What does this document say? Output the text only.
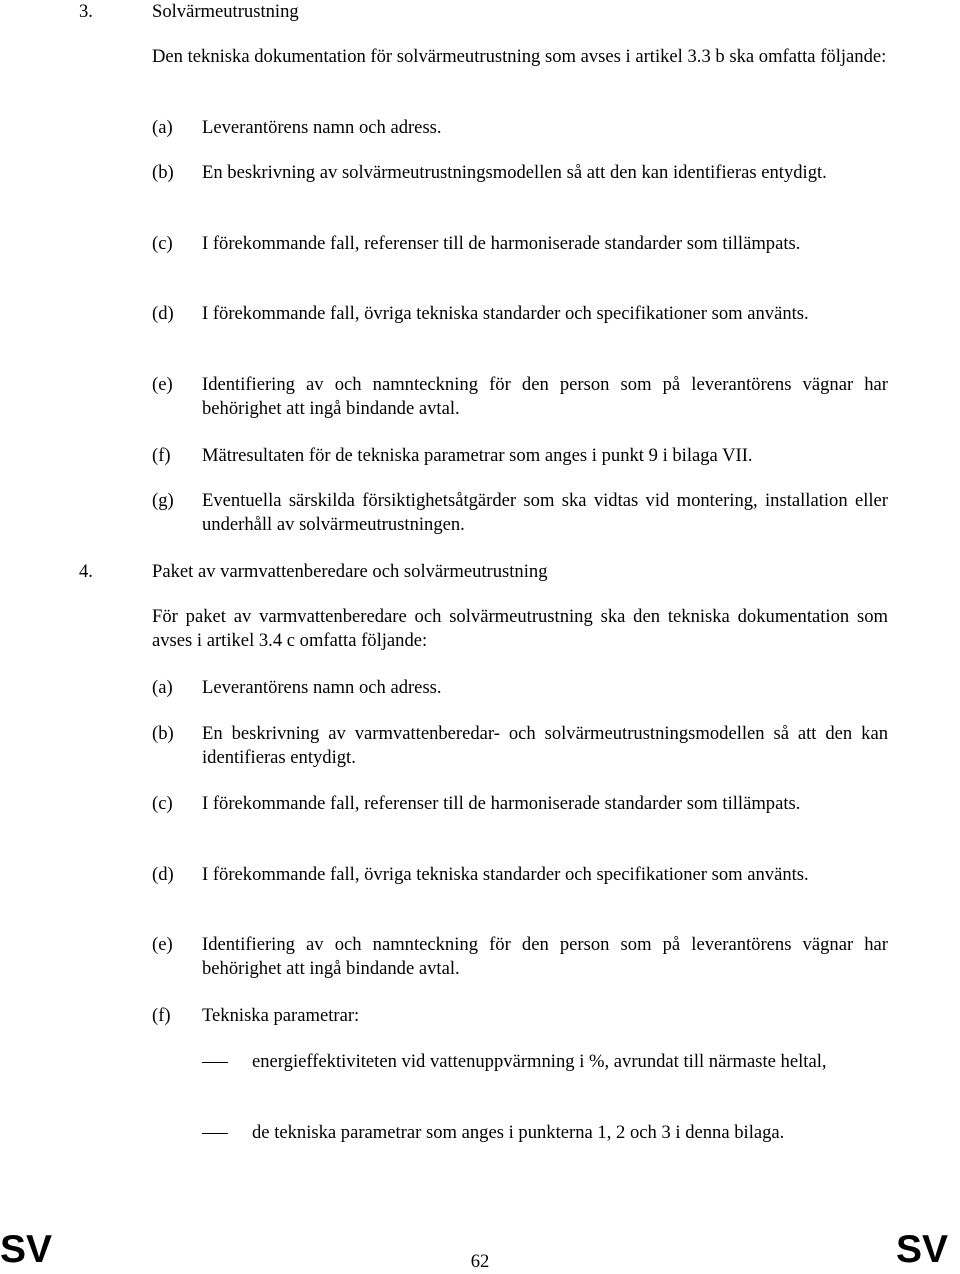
3.	Solvärmeutrustning
Den tekniska dokumentation för solvärmeutrustning som avses i artikel 3.3 b ska omfatta följande:
(a)	Leverantörens namn och adress.
(b)	En beskrivning av solvärmeutrustningsmodellen så att den kan identifieras entydigt.
(c)	I förekommande fall, referenser till de harmoniserade standarder som tillämpats.
(d)	I förekommande fall, övriga tekniska standarder och specifikationer som använts.
(e)	Identifiering av och namnteckning för den person som på leverantörens vägnar har behörighet att ingå bindande avtal.
(f)	Mätresultaten för de tekniska parametrar som anges i punkt 9 i bilaga VII.
(g)	Eventuella särskilda försiktighetsåtgärder som ska vidtas vid montering, installation eller underhåll av solvärmeutrustningen.
4.	Paket av varmvattenberedare och solvärmeutrustning
För paket av varmvattenberedare och solvärmeutrustning ska den tekniska dokumentation som avses i artikel 3.4 c omfatta följande:
(a)	Leverantörens namn och adress.
(b)	En beskrivning av varmvattenberedar- och solvärmeutrustningsmodellen så att den kan identifieras entydigt.
(c)	I förekommande fall, referenser till de harmoniserade standarder som tillämpats.
(d)	I förekommande fall, övriga tekniska standarder och specifikationer som använts.
(e)	Identifiering av och namnteckning för den person som på leverantörens vägnar har behörighet att ingå bindande avtal.
(f)	Tekniska parametrar:
energieffektiviteten vid vattenuppvärmning i %, avrundat till närmaste heltal,
de tekniska parametrar som anges i punkterna 1, 2 och 3 i denna bilaga.
SV	62	SV
